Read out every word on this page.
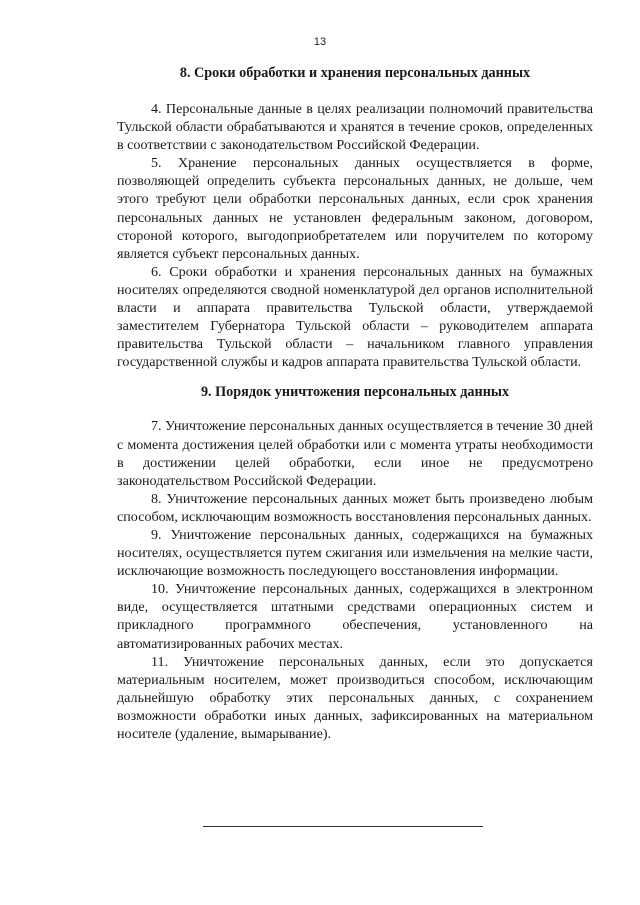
13
8. Сроки обработки и хранения персональных данных

4. Персональные данные в целях реализации полномочий правительства Тульской области обрабатываются и хранятся в течение сроков, определенных в соответствии с законодательством Российской Федерации.

5. Хранение персональных данных осуществляется в форме, позволяющей определить субъекта персональных данных, не дольше, чем этого требуют цели обработки персональных данных, если срок хранения персональных данных не установлен федеральным законом, договором, стороной которого, выгодоприобретателем или поручителем по которому является субъект персональных данных.

6. Сроки обработки и хранения персональных данных на бумажных носителях определяются сводной номенклатурой дел органов исполнительной власти и аппарата правительства Тульской области, утверждаемой заместителем Губернатора Тульской области – руководителем аппарата правительства Тульской области – начальником главного управления государственной службы и кадров аппарата правительства Тульской области.

9. Порядок уничтожения персональных данных

7. Уничтожение персональных данных осуществляется в течение 30 дней с момента достижения целей обработки или с момента утраты необходимости в достижении целей обработки, если иное не предусмотрено законодательством Российской Федерации.

8. Уничтожение персональных данных может быть произведено любым способом, исключающим возможность восстановления персональных данных.

9. Уничтожение персональных данных, содержащихся на бумажных носителях, осуществляется путем сжигания или измельчения на мелкие части, исключающие возможность последующего восстановления информации.

10. Уничтожение персональных данных, содержащихся в электронном виде, осуществляется штатными средствами операционных систем и прикладного программного обеспечения, установленного на автоматизированных рабочих местах.

11. Уничтожение персональных данных, если это допускается материальным носителем, может производиться способом, исключающим дальнейшую обработку этих персональных данных, с сохранением возможности обработки иных данных, зафиксированных на материальном носителе (удаление, вымарывание).
